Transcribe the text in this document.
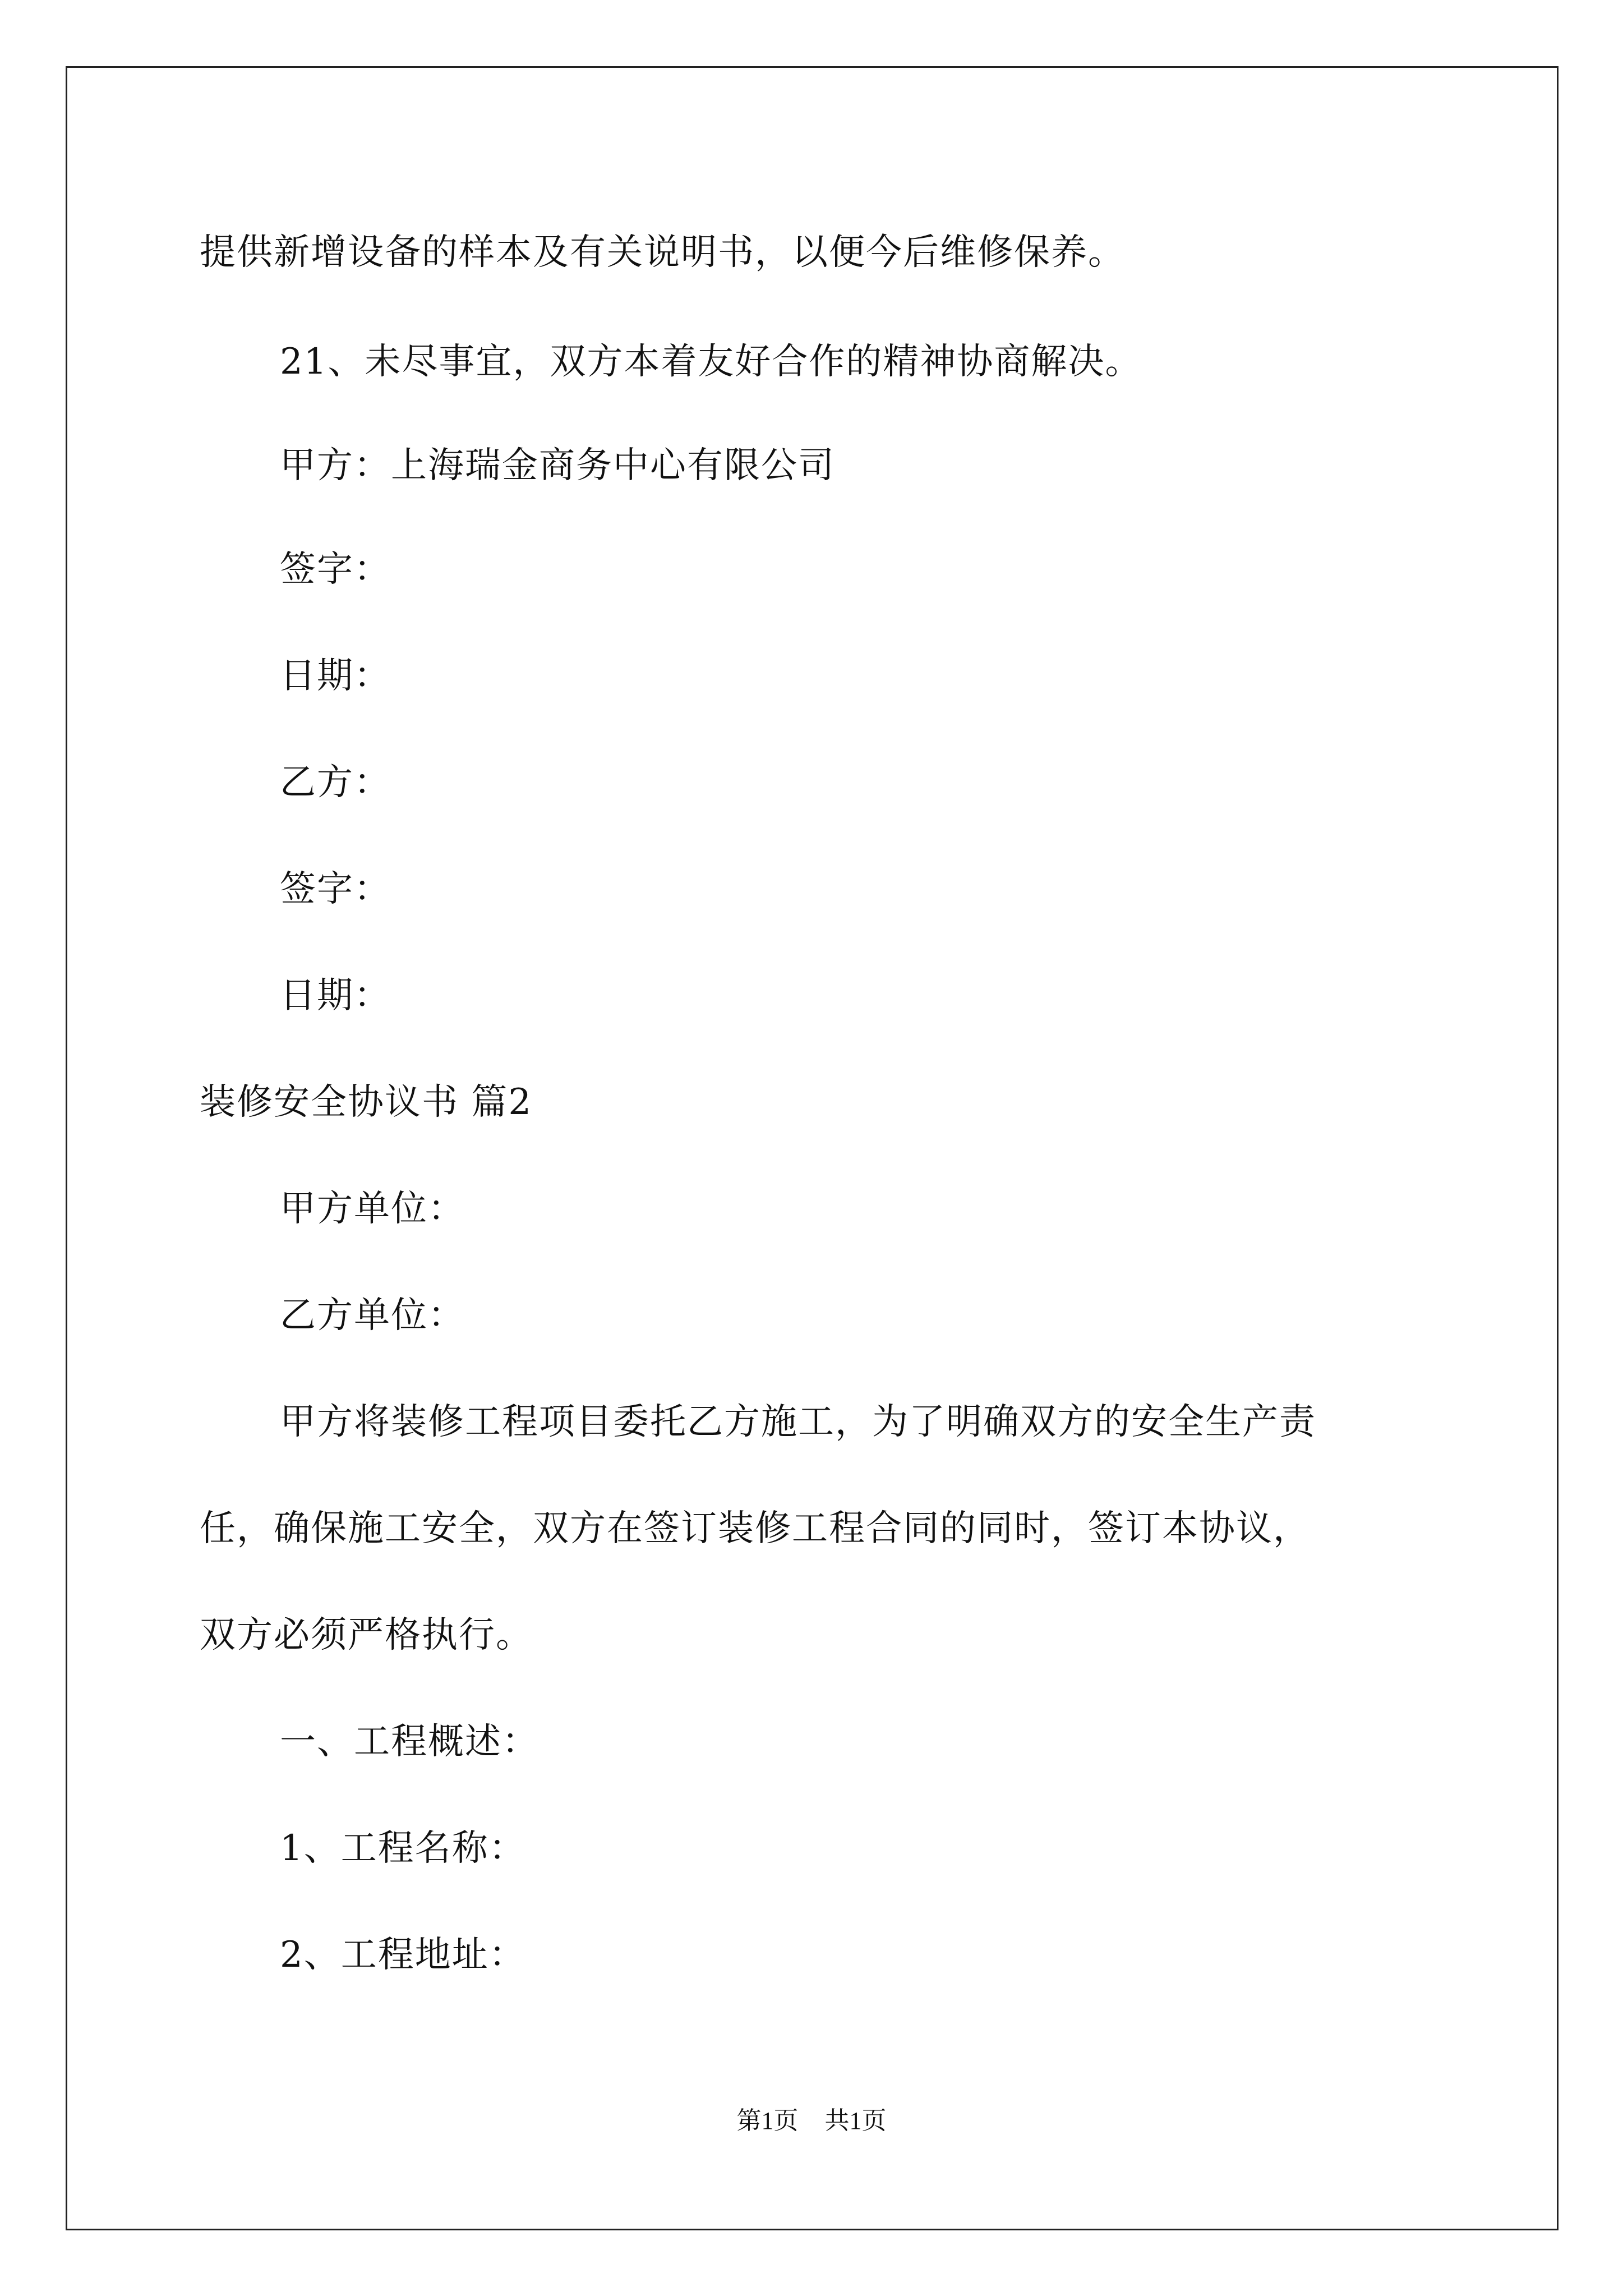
提供新增设备的样本及有关说明书，以便今后维修保养。

21、未尽事宜，双方本着友好合作的精神协商解决。

甲方：上海瑞金商务中心有限公司

签字：

日期：

乙方：

签字：

日期：

装修安全协议书 篇2

甲方单位：

乙方单位：

甲方将装修工程项目委托乙方施工，为了明确双方的安全生产责

任，确保施工安全，双方在签订装修工程合同的同时，签订本协议，

双方必须严格执行。

一、工程概述：

1、工程名称：

2、工程地址：

第1页 共1页
